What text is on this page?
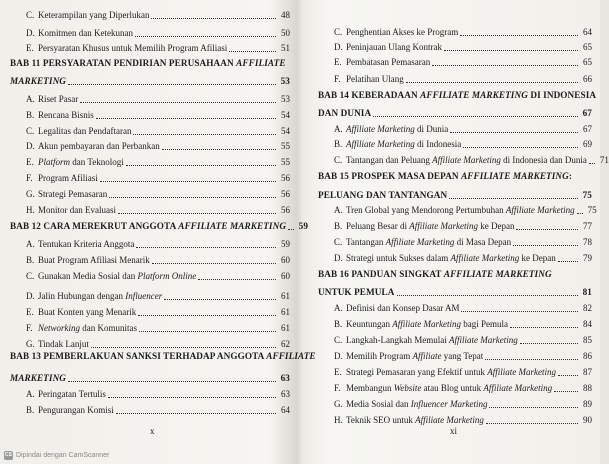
C. Keterampilan yang Diperlukan	48
D. Komitmen dan Ketekunan	50
E. Persyaratan Khusus untuk Memilih Program Afiliasi	51
BAB 11 PERSYARATAN PENDIRIAN PERUSAHAAN AFFILIATE
MARKETING	53
A. Riset Pasar	53
B. Rencana Bisnis	54
C. Legalitas dan Pendaftaran	54
D. Akun pembayaran dan Perbankan	55
E. Platform dan Teknologi	55
F. Program Afiliasi	56
G. Strategi Pemasaran	56
H. Monitor dan Evaluasi	56
BAB 12 CARA MEREKRUT ANGGOTA AFFILIATE MARKETING 59
A. Tentukan Kriteria Anggota	59
B. Buat Program Afiliasi Menarik	60
C. Gunakan Media Sosial dan Platform Online	60
D. Jalin Hubungan dengan Influencer	61
E. Buat Konten yang Menarik	61
F. Networking dan Komunitas	61
G. Tindak Lanjut	62
BAB 13 PEMBERLAKUAN SANKSI TERHADAP ANGGOTA AFFILIATE
MARKETING	63
A. Peringatan Tertulis	63
B. Pengurangan Komisi	64
x
C. Penghentian Akses ke Program	64
D. Peninjauan Ulang Kontrak	65
E. Pembatasan Pemasaran	65
F. Pelatihan Ulang	66
BAB 14 KEBERADAAN AFFILIATE MARKETING DI INDONESIA
DAN DUNIA	67
A. Affiliate Marketing di Dunia	67
B. Affiliate Marketing di Indonesia	69
C. Tantangan dan Peluang Affiliate Marketing di Indonesia dan Dunia	71
BAB 15 PROSPEK MASA DEPAN AFFILIATE MARKETING:
PELUANG DAN TANTANGAN	75
A. Tren Global yang Mendorong Pertumbuhan Affiliate Marketing	75
B. Peluang Besar di Affiliate Marketing ke Depan	77
C. Tantangan Affiliate Marketing di Masa Depan	78
D. Strategi untuk Sukses dalam Affiliate Marketing ke Depan	79
BAB 16 PANDUAN SINGKAT AFFILIATE MARKETING
UNTUK PEMULA	81
A. Definisi dan Konsep Dasar AM	82
B. Keuntungan Affiliate Marketing bagi Pemula	84
C. Langkah-Langkah Memulai Affiliate Marketing	85
D. Memilih Program Affiliate yang Tepat	86
E. Strategi Pemasaran yang Efektif untuk Affiliate Marketing	87
F. Membangun Website atau Blog untuk Affiliate Marketing	88
G. Media Sosial dan Influencer Marketing	89
H. Teknik SEO untuk Affiliate Marketing	90
xi
CS Dipindai dengan CamScanner
